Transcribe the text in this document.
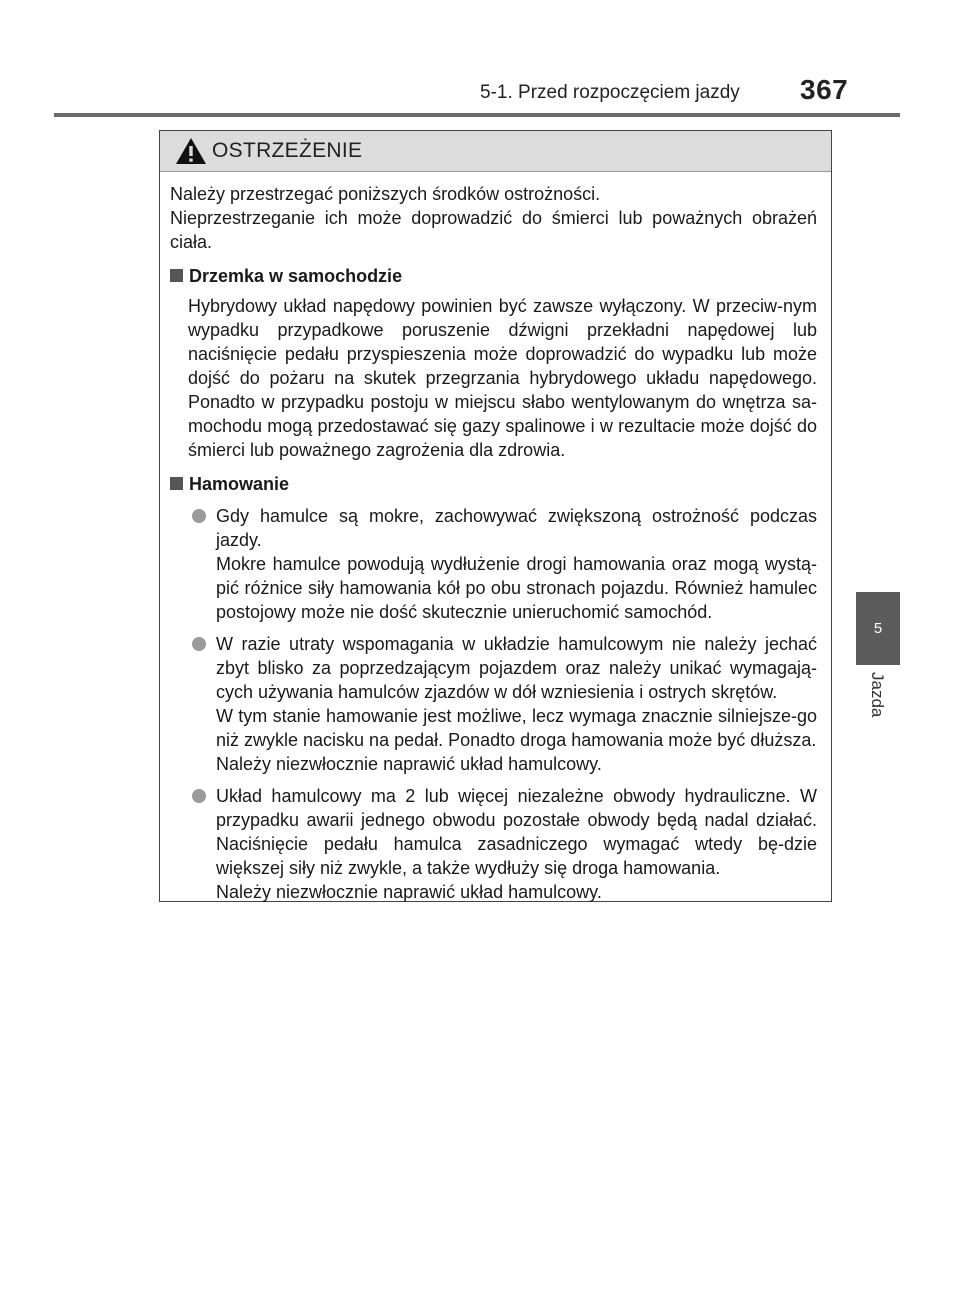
5-1. Przed rozpoczęciem jazdy 367
5
Jazda
OSTRZEŻENIE

Należy przestrzegać poniższych środków ostrożności.

Nieprzestrzeganie ich może doprowadzić do śmierci lub poważnych obrażeń ciała.

Drzemka w samochodzie

Hybrydowy układ napędowy powinien być zawsze wyłączony. W przeciw-nym wypadku przypadkowe poruszenie dźwigni przekładni napędowej lub naciśnięcie pedału przyspieszenia może doprowadzić do wypadku lub może dojść do pożaru na skutek przegrzania hybrydowego układu napędowego. Ponadto w przypadku postoju w miejscu słabo wentylowanym do wnętrza sa-mochodu mogą przedostawać się gazy spalinowe i w rezultacie może dojść do śmierci lub poważnego zagrożenia dla zdrowia.

Hamowanie

Gdy hamulce są mokre, zachowywać zwiększoną ostrożność podczas jazdy.

Mokre hamulce powodują wydłużenie drogi hamowania oraz mogą wystą-pić różnice siły hamowania kół po obu stronach pojazdu. Również hamulec postojowy może nie dość skutecznie unieruchomić samochód.

W razie utraty wspomagania w układzie hamulcowym nie należy jechać zbyt blisko za poprzedzającym pojazdem oraz należy unikać wymagają-cych używania hamulców zjazdów w dół wzniesienia i ostrych skrętów.

W tym stanie hamowanie jest możliwe, lecz wymaga znacznie silniejsze-go niż zwykle nacisku na pedał. Ponadto droga hamowania może być dłuższa.

Należy niezwłocznie naprawić układ hamulcowy.

Układ hamulcowy ma 2 lub więcej niezależne obwody hydrauliczne. W przypadku awarii jednego obwodu pozostałe obwody będą nadal działać. Naciśnięcie pedału hamulca zasadniczego wymagać wtedy bę-dzie większej siły niż zwykle, a także wydłuży się droga hamowania.

Należy niezwłocznie naprawić układ hamulcowy.
